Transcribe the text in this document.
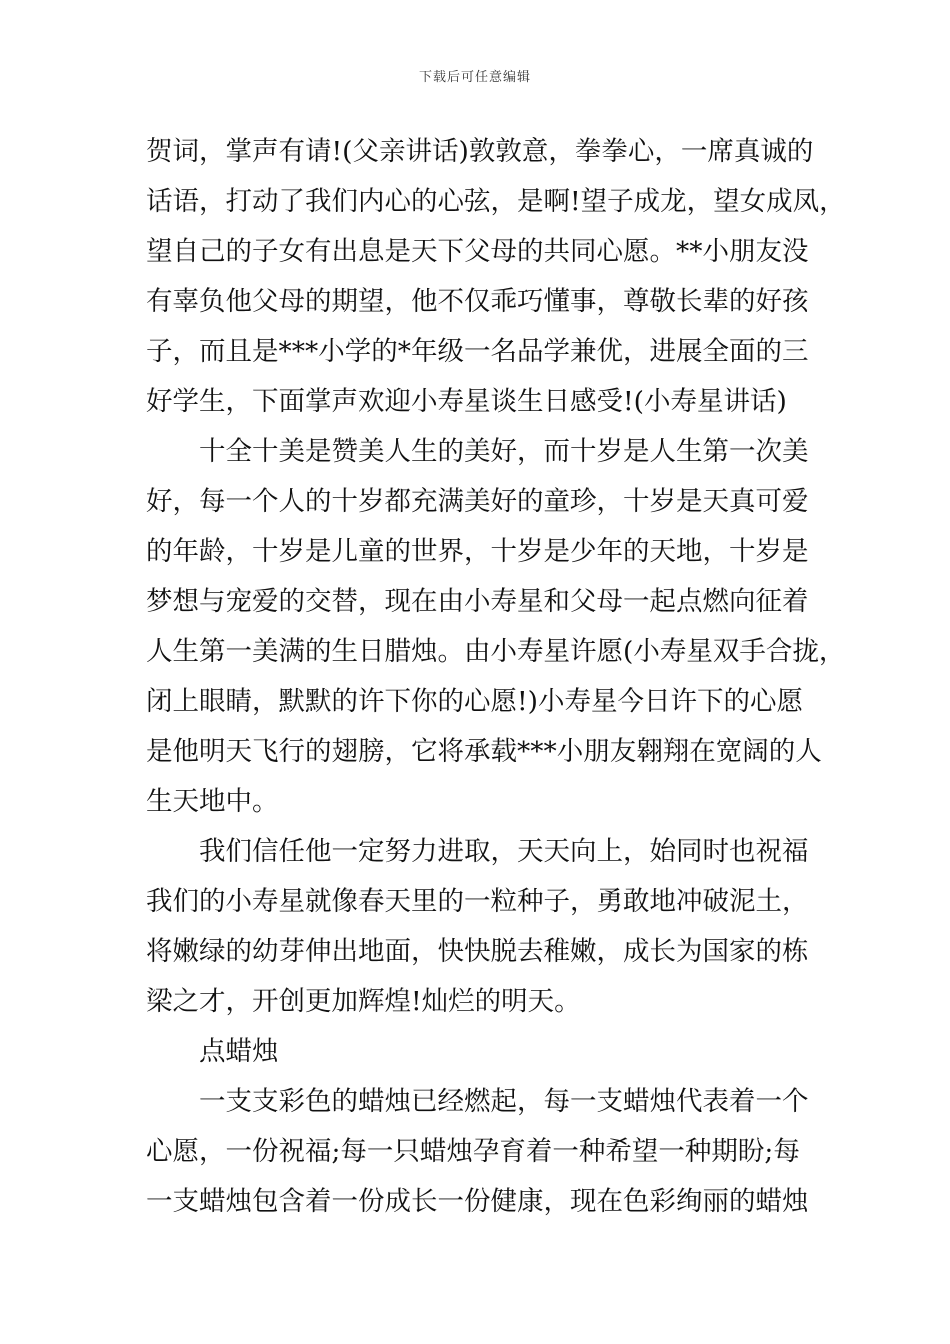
下载后可任意编辑
贺词，掌声有请!(父亲讲话)敦敦意，拳拳心，一席真诚的
话语，打动了我们内心的心弦，是啊!望子成龙，望女成凤，
望自己的子女有出息是天下父母的共同心愿。**小朋友没
有辜负他父母的期望，他不仅乖巧懂事，尊敬长辈的好孩
子，而且是***小学的*年级一名品学兼优，进展全面的三
好学生，下面掌声欢迎小寿星谈生日感受!(小寿星讲话)
十全十美是赞美人生的美好，而十岁是人生第一次美
好，每一个人的十岁都充满美好的童珍，十岁是天真可爱
的年龄，十岁是儿童的世界，十岁是少年的天地，十岁是
梦想与宠爱的交替，现在由小寿星和父母一起点燃向征着
人生第一美满的生日腊烛。由小寿星许愿(小寿星双手合拢，
闭上眼睛，默默的许下你的心愿!)小寿星今日许下的心愿
是他明天飞行的翅膀，它将承载***小朋友翱翔在宽阔的人
生天地中。
我们信任他一定努力进取，天天向上，始同时也祝福
我们的小寿星就像春天里的一粒种子，勇敢地冲破泥土，
将嫩绿的幼芽伸出地面，快快脱去稚嫩，成长为国家的栋
梁之才，开创更加辉煌!灿烂的明天。
点蜡烛
一支支彩色的蜡烛已经燃起，每一支蜡烛代表着一个
心愿，一份祝福;每一只蜡烛孕育着一种希望一种期盼;每
一支蜡烛包含着一份成长一份健康，现在色彩绚丽的蜡烛
